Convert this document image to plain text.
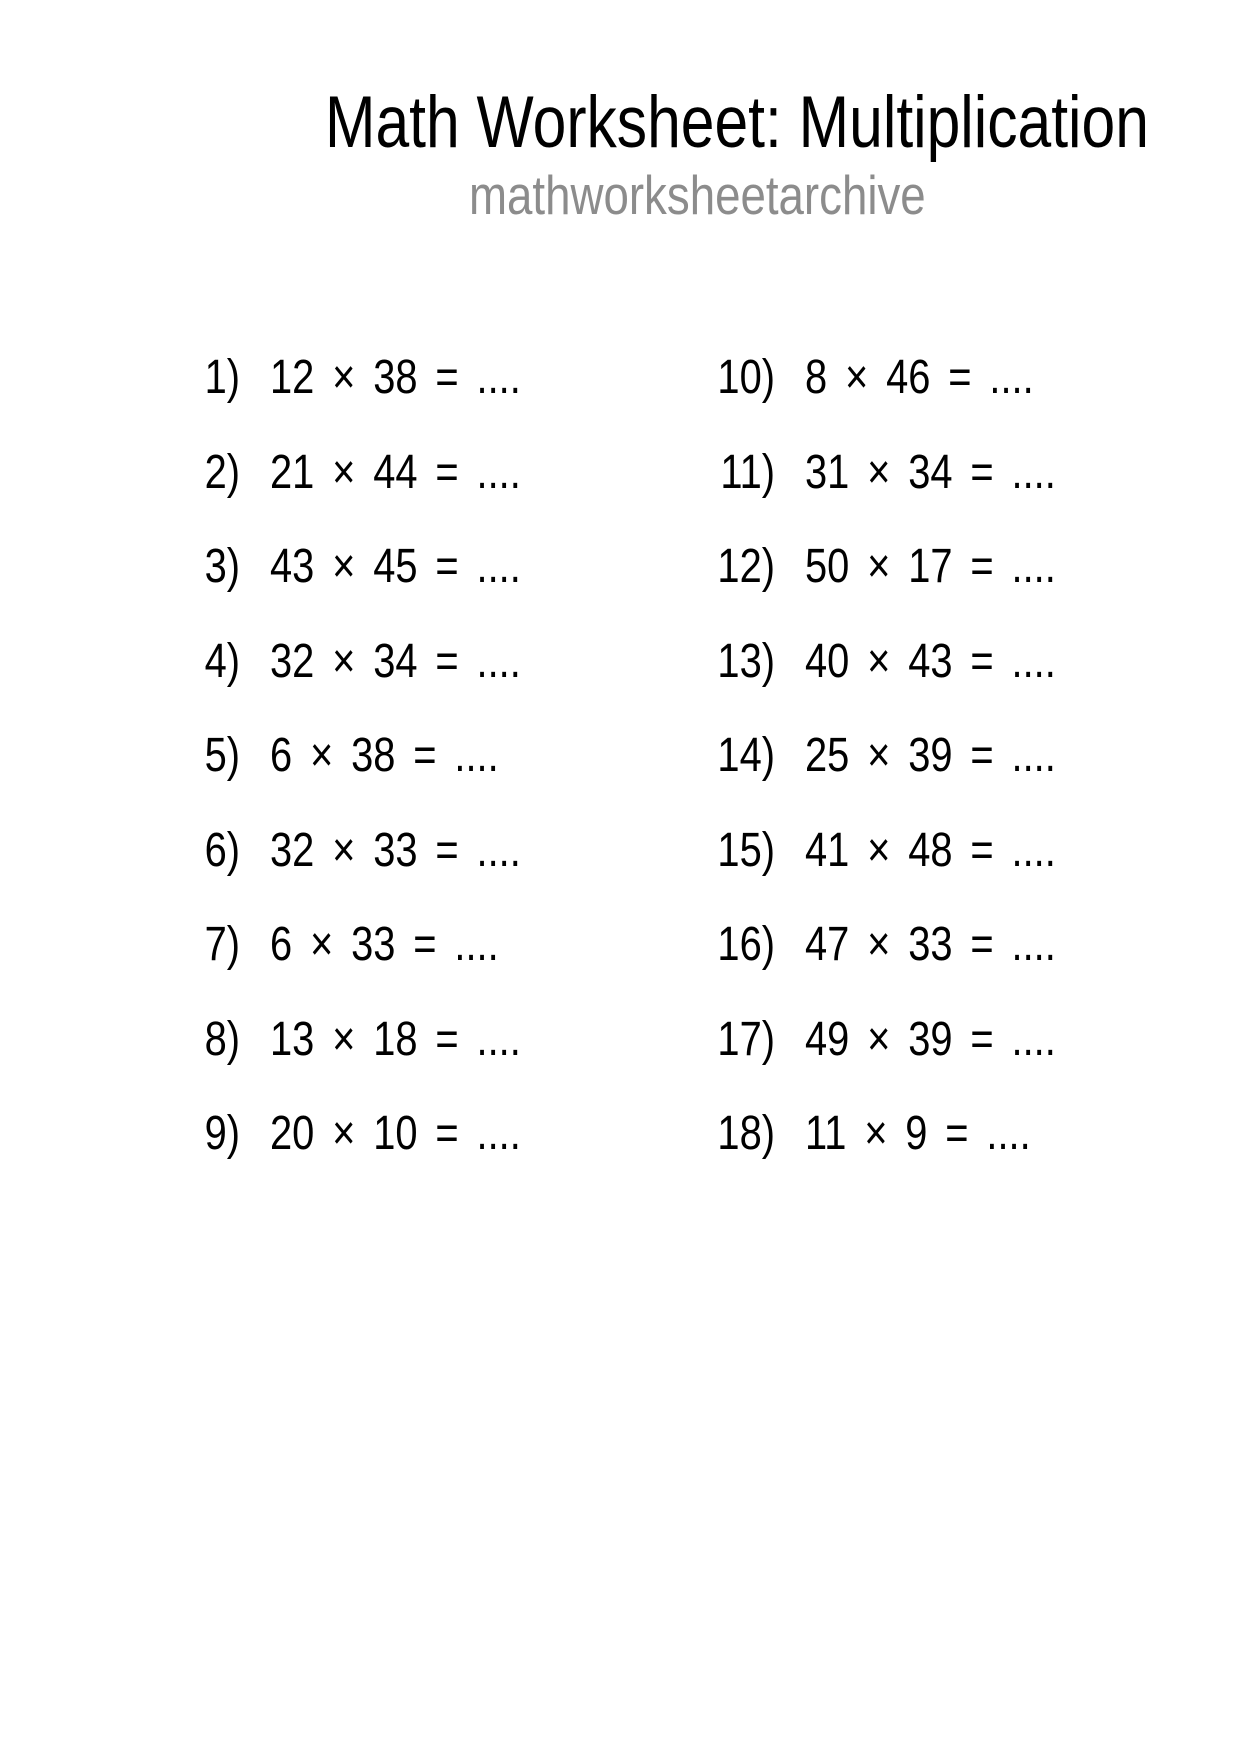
Math Worksheet: Multiplication
mathworksheetarchive
1) 12 × 38 = ....
2) 21 × 44 = ....
3) 43 × 45 = ....
4) 32 × 34 = ....
5) 6 × 38 = ....
6) 32 × 33 = ....
7) 6 × 33 = ....
8) 13 × 18 = ....
9) 20 × 10 = ....
10) 8 × 46 = ....
11) 31 × 34 = ....
12) 50 × 17 = ....
13) 40 × 43 = ....
14) 25 × 39 = ....
15) 41 × 48 = ....
16) 47 × 33 = ....
17) 49 × 39 = ....
18) 11 × 9 = ....
